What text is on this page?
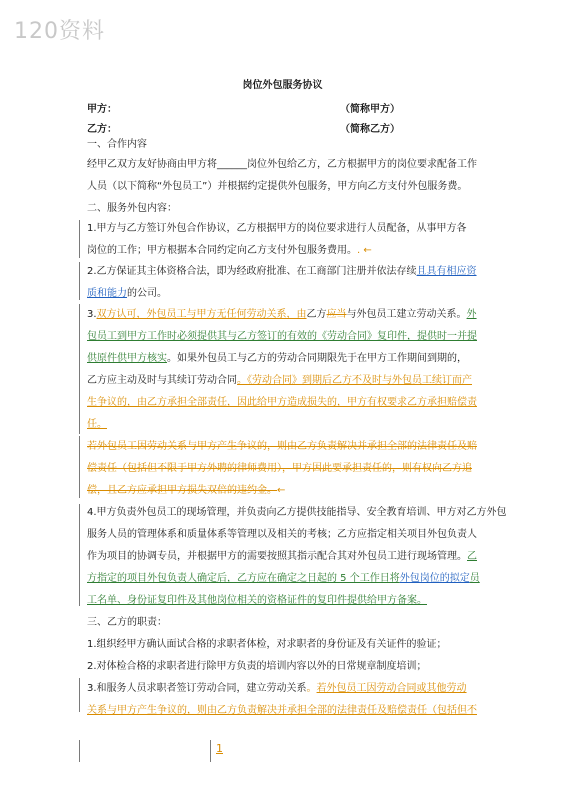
120资料
岗位外包服务协议
甲方：	（简称甲方）
乙方：	（简称乙方）
一、合作内容
经甲乙双方友好协商由甲方将______岗位外包给乙方，乙方根据甲方的岗位要求配备工作
人员（以下简称“外包员工”）并根据约定提供外包服务，甲方向乙方支付外包服务费。
二、服务外包内容：
1.甲方与乙方签订外包合作协议，乙方根据甲方的岗位要求进行人员配备，从事甲方各
岗位的工作；甲方根据本合同约定向乙方支付外包服务费用。. ←
2.乙方保证其主体资格合法，即为经政府批准、在工商部门注册并依法存续且具有相应资
质和能力的公司。
3.双方认可，外包员工与甲方无任何劳动关系，由乙方应当与外包员工建立劳动关系。外
包员工到甲方工作时必须提供其与乙方签订的有效的《劳动合同》复印件，提供时一并提
供原件供甲方核实。如果外包员工与乙方的劳动合同期限先于在甲方工作期间到期的，
乙方应主动及时与其续订劳动合同。《劳动合同》到期后乙方不及时与外包员工续订而产
生争议的，由乙方承担全部责任，因此给甲方造成损失的，甲方有权要求乙方承担赔偿责
任。
若外包员工因劳动关系与甲方产生争议的，则由乙方负责解决并承担全部的法律责任及赔
偿责任（包括但不限于甲方外聘的律师费用），甲方因此要承担责任的，则有权向乙方追
偿，且乙方应承担甲方损失双倍的违约金。←
4.甲方负责外包员工的现场管理，并负责向乙方提供技能指导、安全教育培训、甲方对乙方外包
服务人员的管理体系和质量体系等管理以及相关的考核；乙方应指定相关项目外包负责人
作为项目的协调专员，并根据甲方的需要按照其指示配合其对外包员工进行现场管理。乙
方指定的项目外包负责人确定后，乙方应在确定之日起的 5 个工作日将外包岗位的拟定员
工名单、身份证复印件及其他岗位相关的资格证件的复印件提供给甲方备案。
三、乙方的职责：
1.组织经甲方确认面试合格的求职者体检，对求职者的身份证及有关证件的验证；
2.对体检合格的求职者进行除甲方负责的培训内容以外的日常规章制度培训；
3.和服务人员求职者签订劳动合同，建立劳动关系。若外包员工因劳动合同或其他劳动
关系与甲方产生争议的，则由乙方负责解决并承担全部的法律责任及赔偿责任（包括但不
1
